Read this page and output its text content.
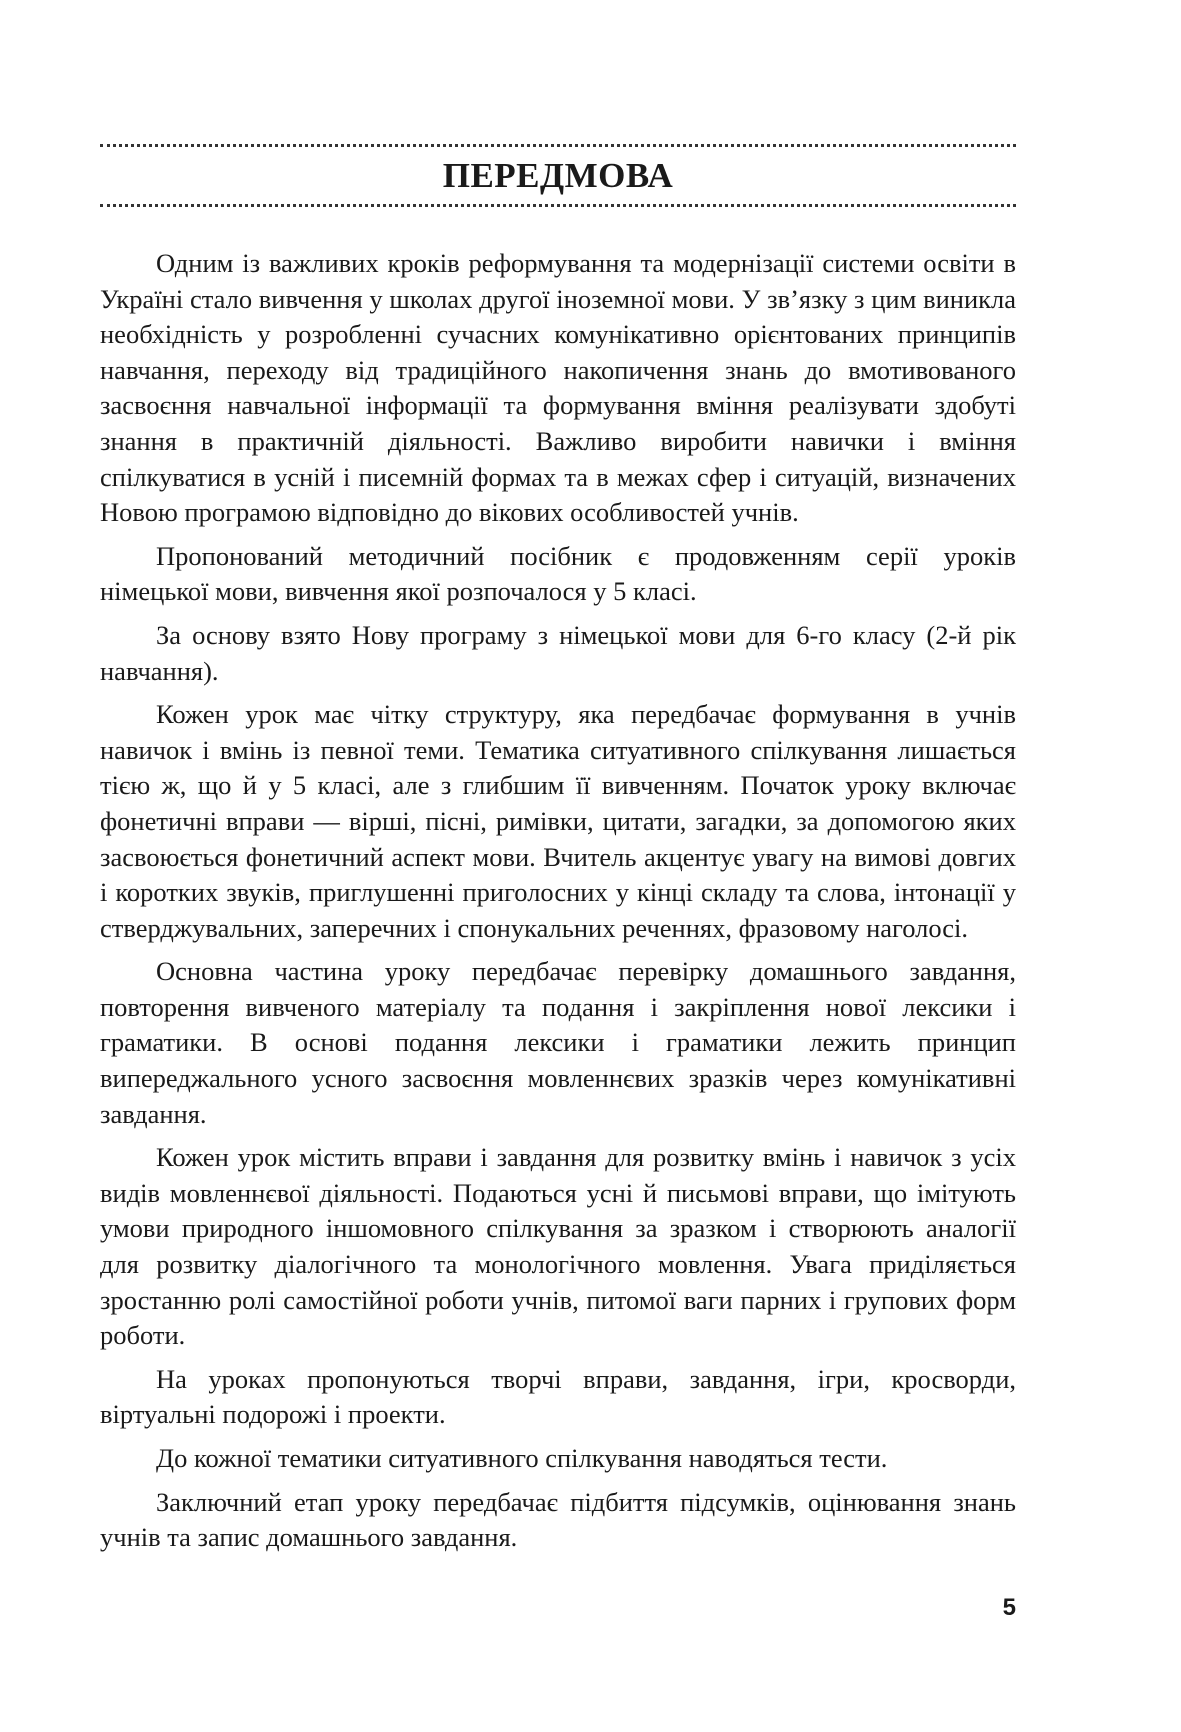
ПЕРЕДМОВА

Одним із важливих кроків реформування та модернізації системи освіти в Україні стало вивчення у школах другої іноземної мови. У зв’язку з цим виникла необхідність у розробленні сучасних комунікативно орієнтованих принципів навчання, переходу від традиційного накопичення знань до вмотивованого засвоєння навчальної інформації та формування вміння реалізувати здобуті знання в практичній діяльності. Важливо виробити навички і вміння спілкуватися в усній і писемній формах та в межах сфер і ситуацій, визначених Новою програмою відповідно до вікових особливостей учнів.

Пропонований методичний посібник є продовженням серії уроків німецької мови, вивчення якої розпочалося у 5 класі.

За основу взято Нову програму з німецької мови для 6-го класу (2-й рік навчання).

Кожен урок має чітку структуру, яка передбачає формування в учнів навичок і вмінь із певної теми. Тематика ситуативного спілкування лишається тією ж, що й у 5 класі, але з глибшим її вивченням. Початок уроку включає фонетичні вправи — вірші, пісні, римівки, цитати, загадки, за допомогою яких засвоюється фонетичний аспект мови. Вчитель акцентує увагу на вимові довгих і коротких звуків, приглушенні приголосних у кінці складу та слова, інтонації у стверджувальних, заперечних і спонукальних реченнях, фразовому наголосі.

Основна частина уроку передбачає перевірку домашнього завдання, повторення вивченого матеріалу та подання і закріплення нової лексики і граматики. В основі подання лексики і граматики лежить принцип випереджального усного засвоєння мовленнєвих зразків через комунікативні завдання.

Кожен урок містить вправи і завдання для розвитку вмінь і навичок з усіх видів мовленнєвої діяльності. Подаються усні й письмові вправи, що імітують умови природного іншомовного спілкування за зразком і створюють аналогії для розвитку діалогічного та монологічного мовлення. Увага приділяється зростанню ролі самостійної роботи учнів, питомої ваги парних і групових форм роботи.

На уроках пропонуються творчі вправи, завдання, ігри, кросворди, віртуальні подорожі і проекти.

До кожної тематики ситуативного спілкування наводяться тести.

Заключний етап уроку передбачає підбиття підсумків, оцінювання знань учнів та запис домашнього завдання.

5
